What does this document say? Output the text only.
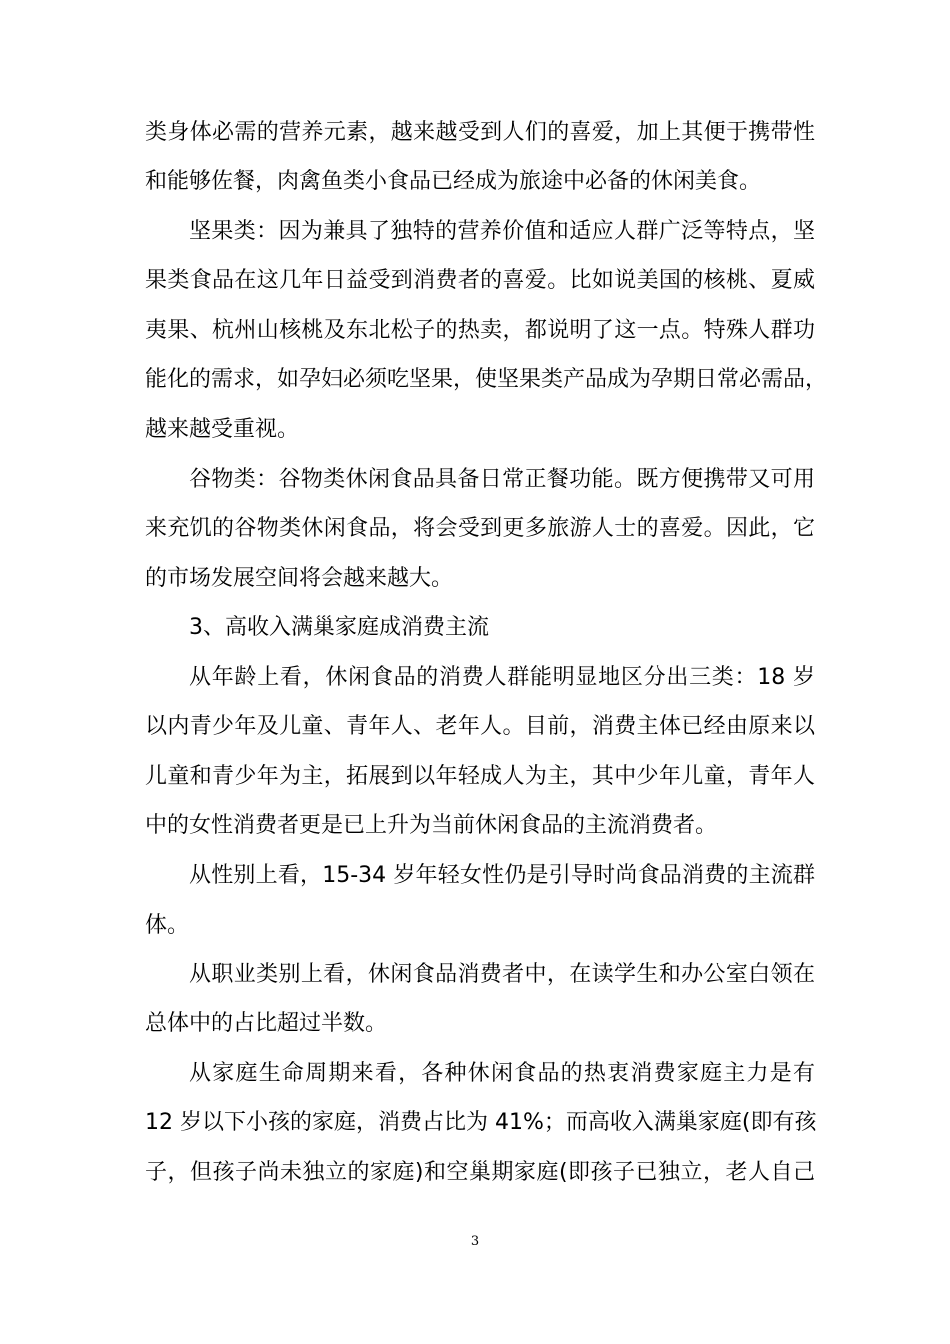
类身体必需的营养元素，越来越受到人们的喜爱，加上其便于携带性
和能够佐餐，肉禽鱼类小食品已经成为旅途中必备的休闲美食。
坚果类：因为兼具了独特的营养价值和适应人群广泛等特点，坚
果类食品在这几年日益受到消费者的喜爱。比如说美国的核桃、夏威
夷果、杭州山核桃及东北松子的热卖，都说明了这一点。特殊人群功
能化的需求，如孕妇必须吃坚果，使坚果类产品成为孕期日常必需品，
越来越受重视。
谷物类：谷物类休闲食品具备日常正餐功能。既方便携带又可用
来充饥的谷物类休闲食品，将会受到更多旅游人士的喜爱。因此，它
的市场发展空间将会越来越大。
3、高收入满巢家庭成消费主流
从年龄上看，休闲食品的消费人群能明显地区分出三类：18 岁
以内青少年及儿童、青年人、老年人。目前，消费主体已经由原来以
儿童和青少年为主，拓展到以年轻成人为主，其中少年儿童，青年人
中的女性消费者更是已上升为当前休闲食品的主流消费者。
从性别上看，15-34 岁年轻女性仍是引导时尚食品消费的主流群
体。
从职业类别上看，休闲食品消费者中，在读学生和办公室白领在
总体中的占比超过半数。
从家庭生命周期来看，各种休闲食品的热衷消费家庭主力是有
12 岁以下小孩的家庭，消费占比为 41%；而高收入满巢家庭(即有孩
子，但孩子尚未独立的家庭)和空巢期家庭(即孩子已独立，老人自己
3
